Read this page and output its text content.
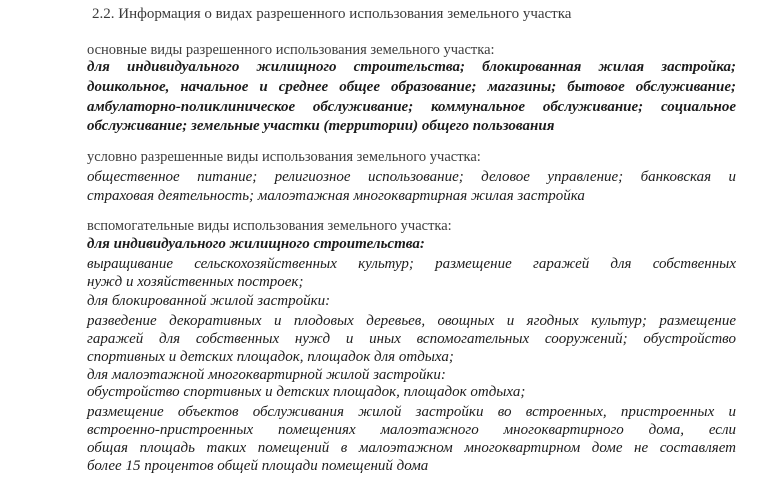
2.2. Информация о видах разрешенного использования земельного участка
основные виды разрешенного использования земельного участка:
для индивидуального жилищного строительства; блокированная жилая застройка;
дошкольное, начальное и среднее общее образование; магазины; бытовое обслуживание;
амбулаторно-поликлиническое обслуживание; коммунальное обслуживание; социальное
обслуживание; земельные участки (территории) общего пользования
условно разрешенные виды использования земельного участка:
общественное питание; религиозное использование; деловое управление; банковская и
страховая деятельность; малоэтажная многоквартирная жилая застройка
вспомогательные виды использования земельного участка:
для индивидуального жилищного строительства:
выращивание сельскохозяйственных культур; размещение гаражей для собственных
нужд и хозяйственных построек;
для блокированной жилой застройки:
разведение декоративных и плодовых деревьев, овощных и ягодных культур; размещение
гаражей для собственных нужд и иных вспомогательных сооружений; обустройство
спортивных и детских площадок, площадок для отдыха;
для малоэтажной многоквартирной жилой застройки:
обустройство спортивных и детских площадок, площадок отдыха;
размещение объектов обслуживания жилой застройки во встроенных, пристроенных и
встроенно-пристроенных помещениях малоэтажного многоквартирного дома, если
общая площадь таких помещений в малоэтажном многоквартирном доме не составляет
более 15 процентов общей площади помещений дома
